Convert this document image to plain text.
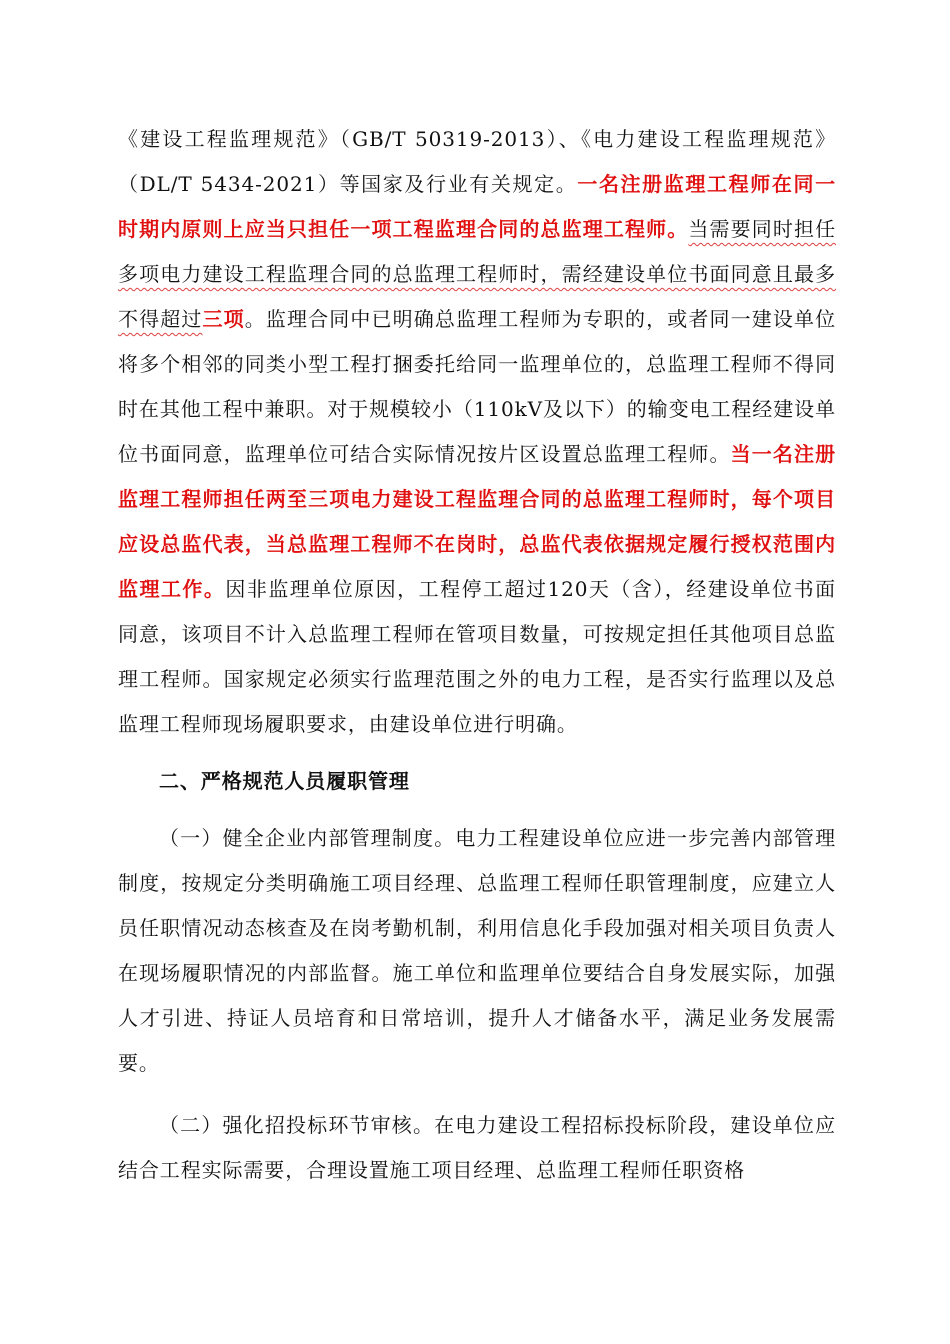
《建设工程监理规范》（GB/T 50319-2013）、《电力建设工程监理规范》（DL/T 5434-2021）等国家及行业有关规定。一名注册监理工程师在同一时期内原则上应当只担任一项工程监理合同的总监理工程师。当需要同时担任多项电力建设工程监理合同的总监理工程师时，需经建设单位书面同意且最多不得超过三项。监理合同中已明确总监理工程师为专职的，或者同一建设单位将多个相邻的同类小型工程打捆委托给同一监理单位的，总监理工程师不得同时在其他工程中兼职。对于规模较小（110kV及以下）的输变电工程经建设单位书面同意，监理单位可结合实际情况按片区设置总监理工程师。当一名注册监理工程师担任两至三项电力建设工程监理合同的总监理工程师时，每个项目应设总监代表，当总监理工程师不在岗时，总监代表依据规定履行授权范围内监理工作。因非监理单位原因，工程停工超过120天（含），经建设单位书面同意，该项目不计入总监理工程师在管项目数量，可按规定担任其他项目总监理工程师。国家规定必须实行监理范围之外的电力工程，是否实行监理以及总监理工程师现场履职要求，由建设单位进行明确。

二、严格规范人员履职管理

（一）健全企业内部管理制度。电力工程建设单位应进一步完善内部管理制度，按规定分类明确施工项目经理、总监理工程师任职管理制度，应建立人员任职情况动态核查及在岗考勤机制，利用信息化手段加强对相关项目负责人在现场履职情况的内部监督。施工单位和监理单位要结合自身发展实际，加强人才引进、持证人员培育和日常培训，提升人才储备水平，满足业务发展需要。

（二）强化招投标环节审核。在电力建设工程招标投标阶段，建设单位应结合工程实际需要，合理设置施工项目经理、总监理工程师任职资格
